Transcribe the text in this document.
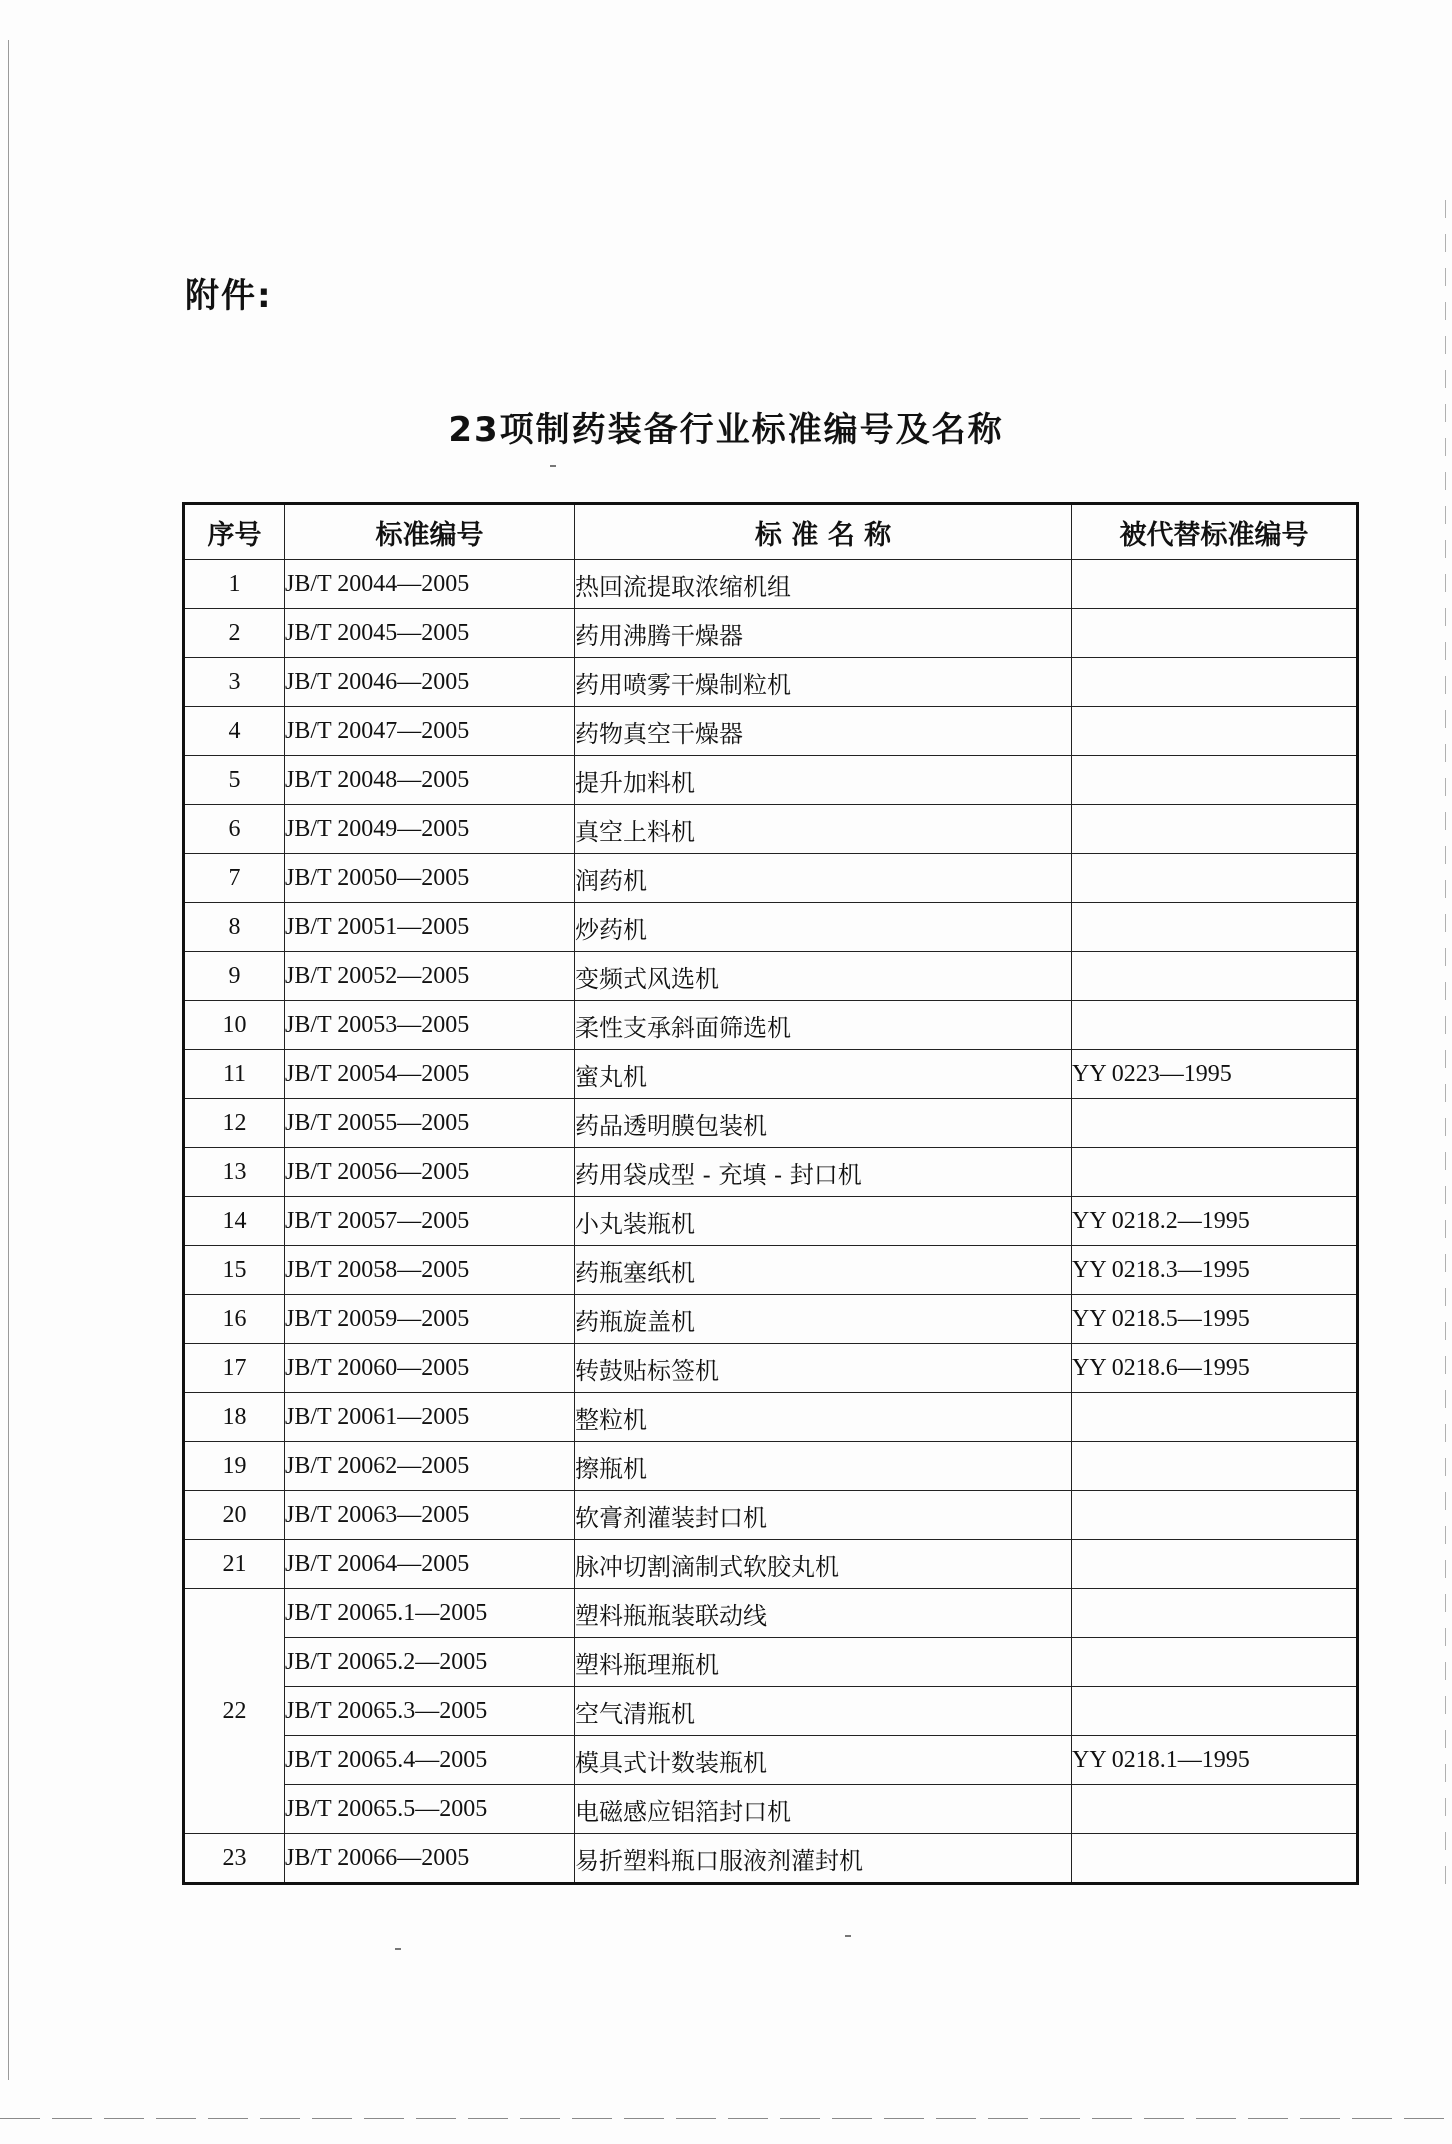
附件:
23项制药装备行业标准编号及名称
序号	标准编号	标 准 名 称	被代替标准编号
1	JB/T 20044—2005	热回流提取浓缩机组	
2	JB/T 20045—2005	药用沸腾干燥器	
3	JB/T 20046—2005	药用喷雾干燥制粒机	
4	JB/T 20047—2005	药物真空干燥器	
5	JB/T 20048—2005	提升加料机	
6	JB/T 20049—2005	真空上料机	
7	JB/T 20050—2005	润药机	
8	JB/T 20051—2005	炒药机	
9	JB/T 20052—2005	变频式风选机	
10	JB/T 20053—2005	柔性支承斜面筛选机	
11	JB/T 20054—2005	蜜丸机	YY 0223—1995
12	JB/T 20055—2005	药品透明膜包装机	
13	JB/T 20056—2005	药用袋成型 - 充填 - 封口机	
14	JB/T 20057—2005	小丸装瓶机	YY 0218.2—1995
15	JB/T 20058—2005	药瓶塞纸机	YY 0218.3—1995
16	JB/T 20059—2005	药瓶旋盖机	YY 0218.5—1995
17	JB/T 20060—2005	转鼓贴标签机	YY 0218.6—1995
18	JB/T 20061—2005	整粒机	
19	JB/T 20062—2005	擦瓶机	
20	JB/T 20063—2005	软膏剂灌装封口机	
21	JB/T 20064—2005	脉冲切割滴制式软胶丸机	
22	JB/T 20065.1—2005	塑料瓶瓶装联动线	
	JB/T 20065.2—2005	塑料瓶理瓶机	
	JB/T 20065.3—2005	空气清瓶机	
	JB/T 20065.4—2005	模具式计数装瓶机	YY 0218.1—1995
	JB/T 20065.5—2005	电磁感应铝箔封口机	
23	JB/T 20066—2005	易折塑料瓶口服液剂灌封机	
